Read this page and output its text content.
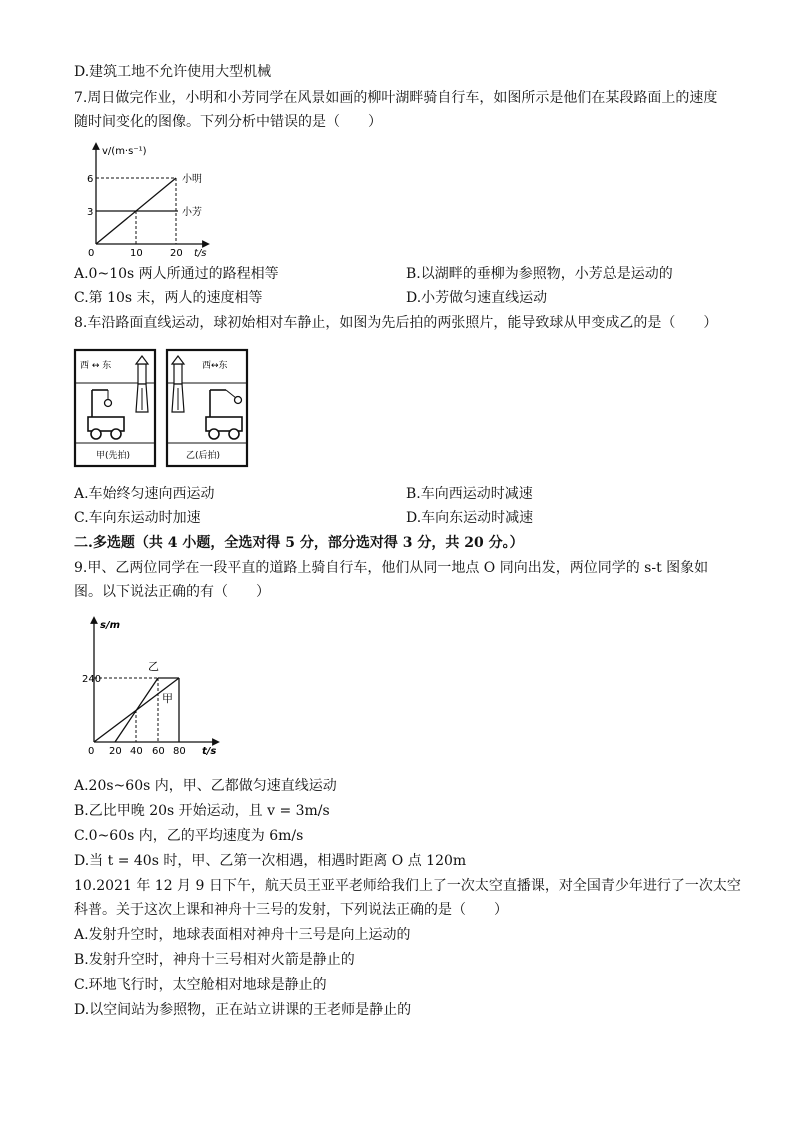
D.建筑工地不允许使用大型机械
7.周日做完作业，小明和小芳同学在风景如画的柳叶湖畔骑自行车，如图所示是他们在某段路面上的速度
随时间变化的图像。下列分析中错误的是（　　）
v/(m·s⁻¹)
6
3
0	10	20 t/s
小明
小芳
A.0~10s 两人所通过的路程相等	B.以湖畔的垂柳为参照物，小芳总是运动的
C.第 10s 末，两人的速度相等	D.小芳做匀速直线运动
8.车沿路面直线运动，球初始相对车静止，如图为先后拍的两张照片，能导致球从甲变成乙的是（　　）
西 ↔ 东
甲(先拍)
西↔东
乙(后拍)
A.车始终匀速向西运动	B.车向西运动时减速
C.车向东运动时加速	D.车向东运动时减速
二.多选题（共 4 小题，全选对得 5 分，部分选对得 3 分，共 20 分。）
9.甲、乙两位同学在一段平直的道路上骑自行车，他们从同一地点 O 同向出发，两位同学的 s-t 图象如
图。以下说法正确的有（　　）
s/m
240
0 20 40 60 80 t/s
乙
甲
A.20s~60s 内，甲、乙都做匀速直线运动
B.乙比甲晚 20s 开始运动，且 v = 3m/s
C.0~60s 内，乙的平均速度为 6m/s
D.当 t = 40s 时，甲、乙第一次相遇，相遇时距离 O 点 120m
10.2021 年 12 月 9 日下午，航天员王亚平老师给我们上了一次太空直播课，对全国青少年进行了一次太空
科普。关于这次上课和神舟十三号的发射，下列说法正确的是（　　）
A.发射升空时，地球表面相对神舟十三号是向上运动的
B.发射升空时，神舟十三号相对火箭是静止的
C.环地飞行时，太空舱相对地球是静止的
D.以空间站为参照物，正在站立讲课的王老师是静止的
